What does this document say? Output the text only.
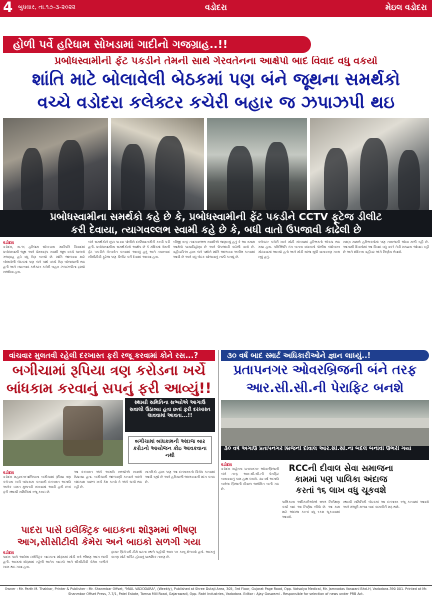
4 બુધવાર, તા.૧૭-૩-૨૦૨૨	વડોદરા	મેઇલ વડોદરા
હોળી પર્વે હરિધામ સોખડામાં ગાદીનો ગજગ્રાહ..!!
પ્રબોધસ્વામીની ફેંટ પકડીને તેમની સાથે ગેરવર્તનના આક્ષેપો બાદ વિવાદ વધુ વકર્યો
શાંતિ માટે બોલાવેલી બેઠકમાં પણ બંને જૂથના સમર્થકો
વચ્ચે વડોદરા કલેક્ટર કચેરી બહાર જ ઝપાઝપી થઇ
પ્રબોધસ્વામીના સમર્થકો કહે છે કે, પ્રબોધસ્વામીની ફેંટ પકડીને CCTV ફૂટેજ ડીલીટ
કરી દેવાયા, ત્યાગવલ્લભ સ્વામી કહે છે કે, બધી વાતો ઉપજાવી કાઢેલી છે
વડોદરા
વડોદરા, તા.૧૬ હરિધામ સોખડાના ગાદીપતિ વિવાદમાં પ્રબોધસ્વામી જૂથ અને પ્રેમસ્વરૂપ સ્વામી જૂથ વચ્ચે ચાલતો ગજગ્રાહ હવે વધુ ઉગ્ર બન્યો છે. શાંતિ જાળવવા માટે બોલાવેલી બેઠકમાં પણ બંને પક્ષો વચ્ચે ઉગ્ર બોલાચાલી થઇ હતી અને ત્યારબાદ કલેક્ટર કચેરી બહાર ઝપાઝપીના દ્રશ્યો સર્જાયા હતા.
બંને સમર્થકોને છૂટા પાડવા પોલીસે દરમિયાનગીરી કરવી પડી હતી. પ્રબોધસ્વામીના સમર્થકોનો આક્ષેપ છે કે મંદિરમાં તેમની ફેંટ પકડીને ગેરવર્તન કરવામાં આવ્યું હતું અને ત્યારબાદ સીસીટીવી ફૂટેજ પણ ડીલીટ કરી દેવામાં આવ્યા હતા.
બીજી તરફ ત્યાગવલ્લભ સ્વામીએ જણાવ્યું હતું કે આ તમામ આક્ષેપો પાયાવિહોણા છે અને ઉપજાવી કાઢેલી વાતો છે. વહીવટીતંત્ર દ્વારા બંને પક્ષોને શાંતિ જાળવવા અપીલ કરવામાં આવી છે અને વધુ બેઠક યોજવાનું નક્કી કરાયું છે.
કલેક્ટર કચેરી ખાતે મોટી સંખ્યામાં હરિભક્તો એકઠા થઇ ગયા હતા. પરિસ્થિતિ તંગ બનતા વધારાનો પોલીસ બંદોબસ્ત ગોઠવવામાં આવ્યો હતો અને મોડી સાંજ સુધી વાતાવરણ ગરમ રહ્યું હતું.
સમગ્ર મામલે હરિભક્તોમાં પણ નારાજગી જોવા મળી રહી છે. આગામી દિવસોમાં આ વિવાદ વધુ વકરે તેવી શક્યતા જોવાઇ રહી છે અને મંદિરના વહીવટ અંગે નિર્ણય લેવાશે.
વાંચવાર મુલતવી રહેલી દરખાસ્ત ફરી રજૂ કરવામાં કોને રસ...?
બગીચામાં રૂપિયા ત્રણ કરોડના ખર્ચે
બાંધકામ કરવાનું સપનું ફરી આવ્યું!!
સ્થાયી સમિતિના સભ્યોએ આગાઉ સવાલો ઉઠાવ્યા હતા છતાં ફરી દરખાસ્ત લાવવામાં આવતા...!!
બગીચામાં બાંધકામની અંદાજ બાર કરોડનો આયોજન કોઇ આવકવાના નથી
વડોદરા
વડોદરા મહાનગરપાલિકાના બગીચામાં રૂપિયા ત્રણ કરોડના ખર્ચે બાંધકામ કરવાની દરખાસ્ત અગાઉ અનેક વખત મુલતવી રાખવામાં આવી હતી છતાં ફરી સ્થાયી સમિતિમાં રજૂ કરાઇ છે.
આ દરખાસ્ત અંગે અગાઉ સભ્યોએ સવાલો ઉઠાવ્યા હતા. બગીચાની જાળવણી કરવાને બદલે બાંધકામ પાછળ ખર્ચ કેમ કરવો તે અંગે ચર્ચા થઇ રહી છે.
નાગરિકો દ્વારા પણ આ દરખાસ્તનો વિરોધ કરવામાં આવી રહ્યો છે અને હરિયાળી જાળવવાની માંગ કરાઇ છે.
૩૦ વર્ષ બાદ સ્માર્ટ અધિકારીઓને જ્ઞાન લાધ્યું..!
પ્રતાપનગર ઓવરબ્રિજની બંને તરફ
આર.સી.સી.ની પેરાફિટ બનશે
૩૦ વર્ષ અગાઉ પ્રતાપનગર બ્રિજની દીવાલ આર.સી.સી.ના બદલે બનાવી ઉભરી ગયા
વડોદરા
વડોદરા શહેરના પ્રતાપનગર ઓવરબ્રિજની બંને તરફ આર.સી.સી.ની પેરાફિટ બનાવવાનું કામ હાથ ધરાશે. ૩૦ વર્ષ અગાઉ બનેલા બ્રિજની દીવાલ જર્જરિત બની ગઇ છે.
RCCની દીવાલ સેવા સમાજના
કામમાં પણ પાલિકા અંદાજ
કરતાં ૧૬ લાખ વધુ ચૂકવશે
પાલિકાના અધિકારીઓએ સ્થળ નિરીક્ષણ કર્યા બાદ આ નિર્ણય લીધો છે. આ કામ માટે અંદાજ કરતાં વધુ રકમ ચૂકવવામાં આવશે.
સ્થાયી સમિતિની બેઠકમાં આ દરખાસ્ત રજૂ કરવામાં આવશે અને મંજૂરી મળ્યા બાદ કામગીરી શરૂ થશે.
પાદરા પાસે ઇલેક્ટ્રિક બાઇકના શોરૂમમાં ભીષણ
આગ,સીસીટીવી કેમેરા અને બાઇકો સળગી ગયા
વડોદરા
પાદરા પાસે આવેલા ઇલેક્ટ્રિક બાઇકના શોરૂમમાં મોડી રાત્રે ભીષણ આગ લાગી હતી. આગમાં શોરૂમમાં રહેલી અનેક બાઇકો અને સીસીટીવી કેમેરા બળીને ખાખ થઇ ગયા હતા.
ફાયર બ્રિગેડની ટીમે ઘટના સ્થળે પહોંચી આગ પર કાબૂ મેળવ્યો હતો. આગનું કારણ શોર્ટ સર્કિટ હોવાનું પ્રાથમિક તારણ છે.
Owner : Mr. Parth M. Thakkar, Printer & Publisher : Mr. Shanmbar Offset, "MAIL VADODARA", (Weekly), Published at Shree Dutaji Area, 305, 3rd Floor, Gujarat Page Road, Opp. Vatsalya Medical, Mr. Jamnadas Vaswani Bhd-H, Vadodara-390 001. Printed at Mr. Shanmbar Offset Press, 7-7/1, Patel Estate, Tamsa Mill Road, Gajarawadi, Opp. Ratri Industries, Vadodara. Editor : Ajay Goswami - Responsible for selection of news under PRB Act.
